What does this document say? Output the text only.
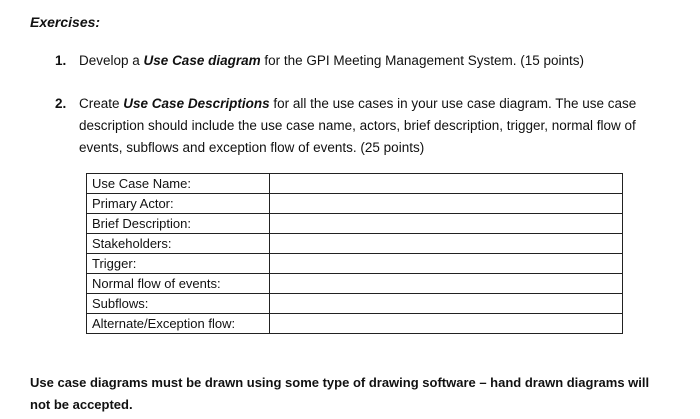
Exercises:
1. Develop a Use Case diagram for the GPI Meeting Management System. (15 points)
2. Create Use Case Descriptions for all the use cases in your use case diagram. The use case description should include the use case name, actors, brief description, trigger, normal flow of events, subflows and exception flow of events. (25 points)
Use Case Name:	
Primary Actor:	
Brief Description:	
Stakeholders:	
Trigger:	
Normal flow of events:	
Subflows:	
Alternate/Exception flow:	
Use case diagrams must be drawn using some type of drawing software – hand drawn diagrams will not be accepted.
